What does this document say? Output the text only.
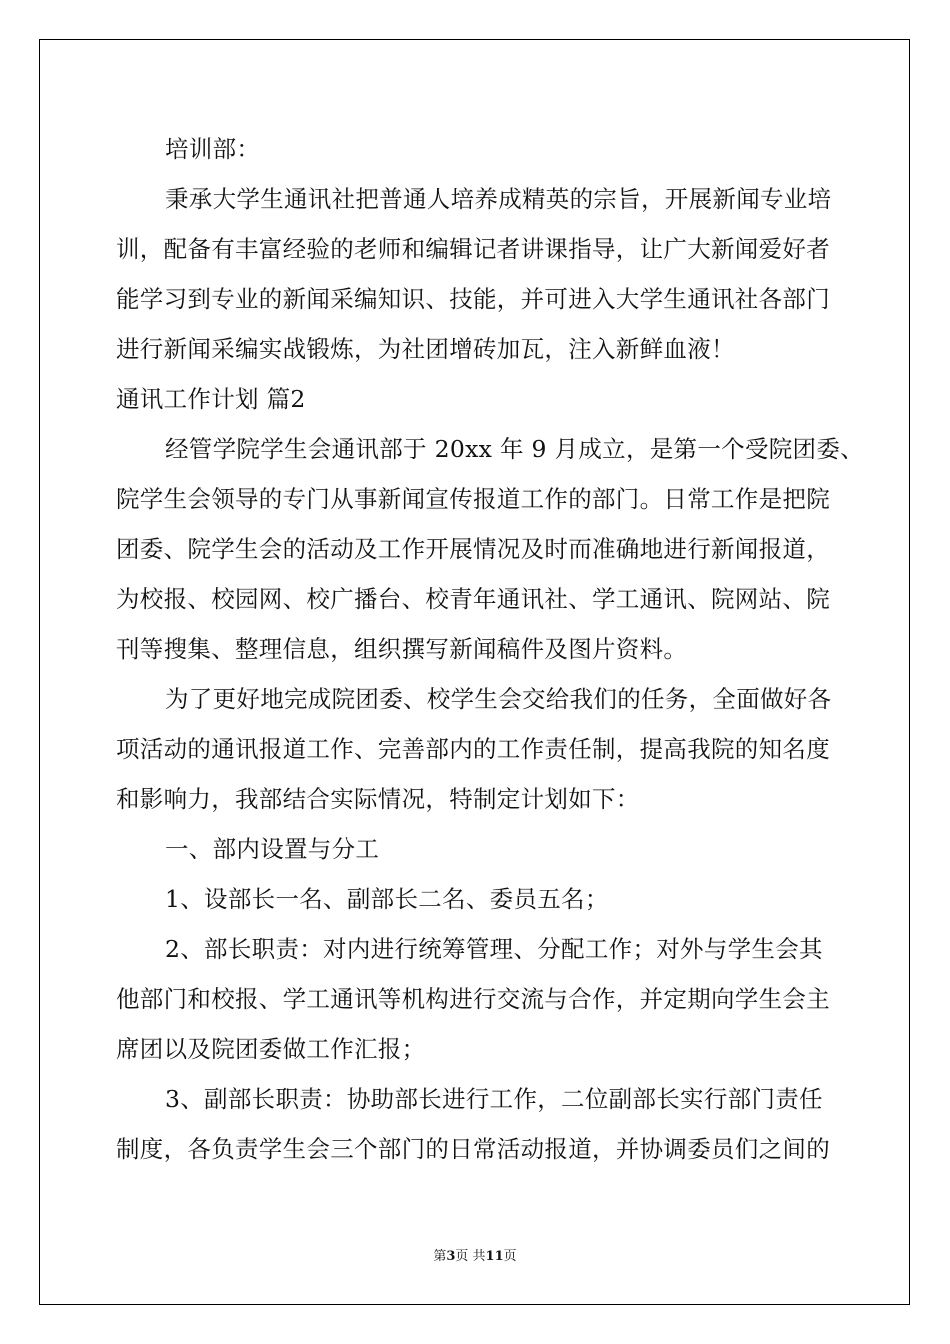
培训部：
秉承大学生通讯社把普通人培养成精英的宗旨，开展新闻专业培
训，配备有丰富经验的老师和编辑记者讲课指导，让广大新闻爱好者
能学习到专业的新闻采编知识、技能，并可进入大学生通讯社各部门
进行新闻采编实战锻炼，为社团增砖加瓦，注入新鲜血液！
通讯工作计划 篇2
经管学院学生会通讯部于 20xx 年 9 月成立，是第一个受院团委、
院学生会领导的专门从事新闻宣传报道工作的部门。日常工作是把院
团委、院学生会的活动及工作开展情况及时而准确地进行新闻报道，
为校报、校园网、校广播台、校青年通讯社、学工通讯、院网站、院
刊等搜集、整理信息，组织撰写新闻稿件及图片资料。
为了更好地完成院团委、校学生会交给我们的任务，全面做好各
项活动的通讯报道工作、完善部内的工作责任制，提高我院的知名度
和影响力，我部结合实际情况，特制定计划如下：
一、部内设置与分工
1、设部长一名、副部长二名、委员五名；
2、部长职责：对内进行统筹管理、分配工作；对外与学生会其
他部门和校报、学工通讯等机构进行交流与合作，并定期向学生会主
席团以及院团委做工作汇报；
3、副部长职责：协助部长进行工作，二位副部长实行部门责任
制度，各负责学生会三个部门的日常活动报道，并协调委员们之间的
第3页 共11页
